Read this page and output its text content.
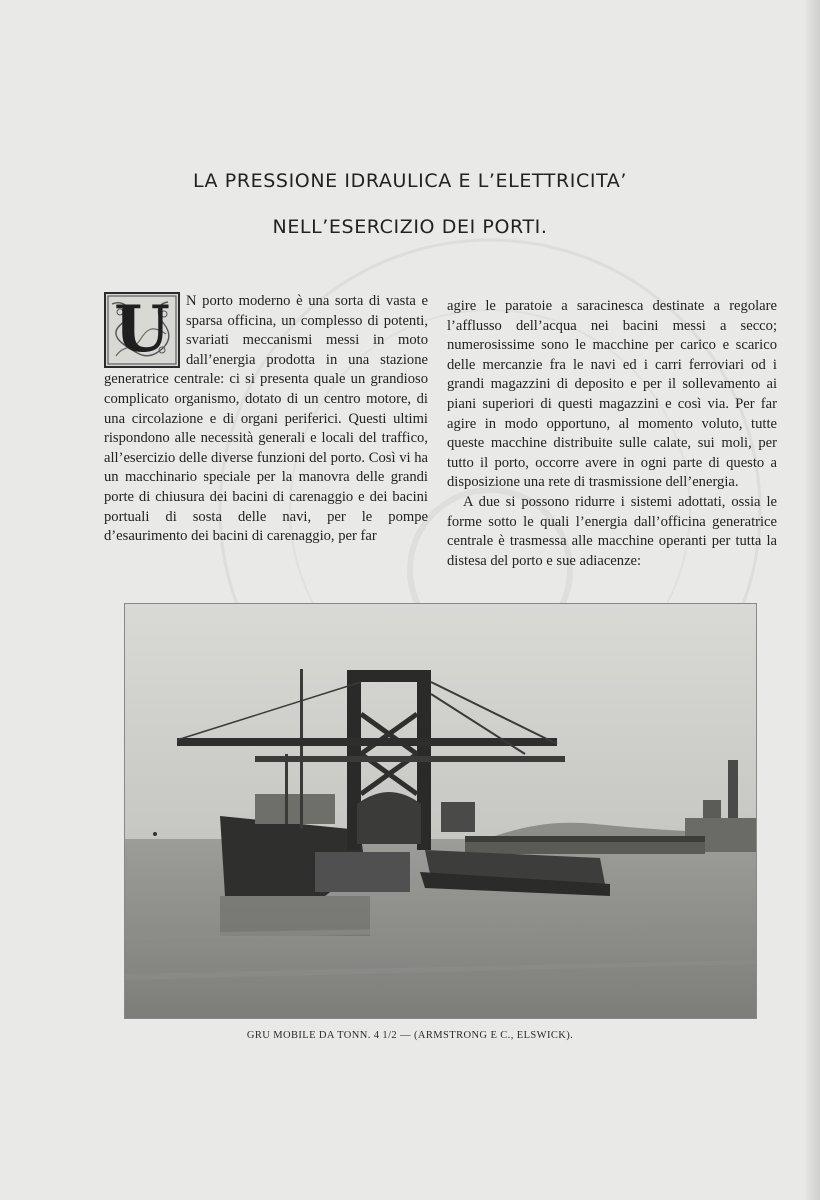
LA PRESSIONE IDRAULICA E L’ELETTRICITA’
NELL’ESERCIZIO DEI PORTI.
U	N porto moderno è una sorta di vasta e sparsa officina, un complesso di potenti, svariati meccanismi messi in moto dall’energia prodotta in una stazione generatrice centrale: ci si presenta quale un grandioso complicato organismo, dotato di un centro motore, di una circolazione e di organi periferici. Questi ultimi rispondono alle necessità generali e locali del traffico, all’esercizio delle diverse funzioni del porto. Così vi ha un macchinario speciale per la manovra delle grandi porte di chiusura dei bacini di carenaggio e dei bacini portuali di sosta delle navi, per le pompe d’esaurimento dei bacini di carenaggio, per far

agire le paratoie a saracinesca destinate a regolare l’afflusso dell’acqua nei bacini messi a secco; numerosissime sono le macchine per carico e scarico delle mercanzie fra le navi ed i carri ferroviari od i grandi magazzini di deposito e per il sollevamento ai piani superiori di questi magazzini e così via. Per far agire in modo opportuno, al momento voluto, tutte queste macchine distribuite sulle calate, sui moli, per tutto il porto, occorre avere in ogni parte di questo a disposizione una rete di trasmissione dell’energia.

A due si possono ridurre i sistemi adottati, ossia le forme sotto le quali l’energia dall’officina generatrice centrale è trasmessa alle macchine operanti per tutta la distesa del porto e sue adiacenze:

GRU MOBILE DA TONN. 4 1/2 — (ARMSTRONG E C., ELSWICK).
